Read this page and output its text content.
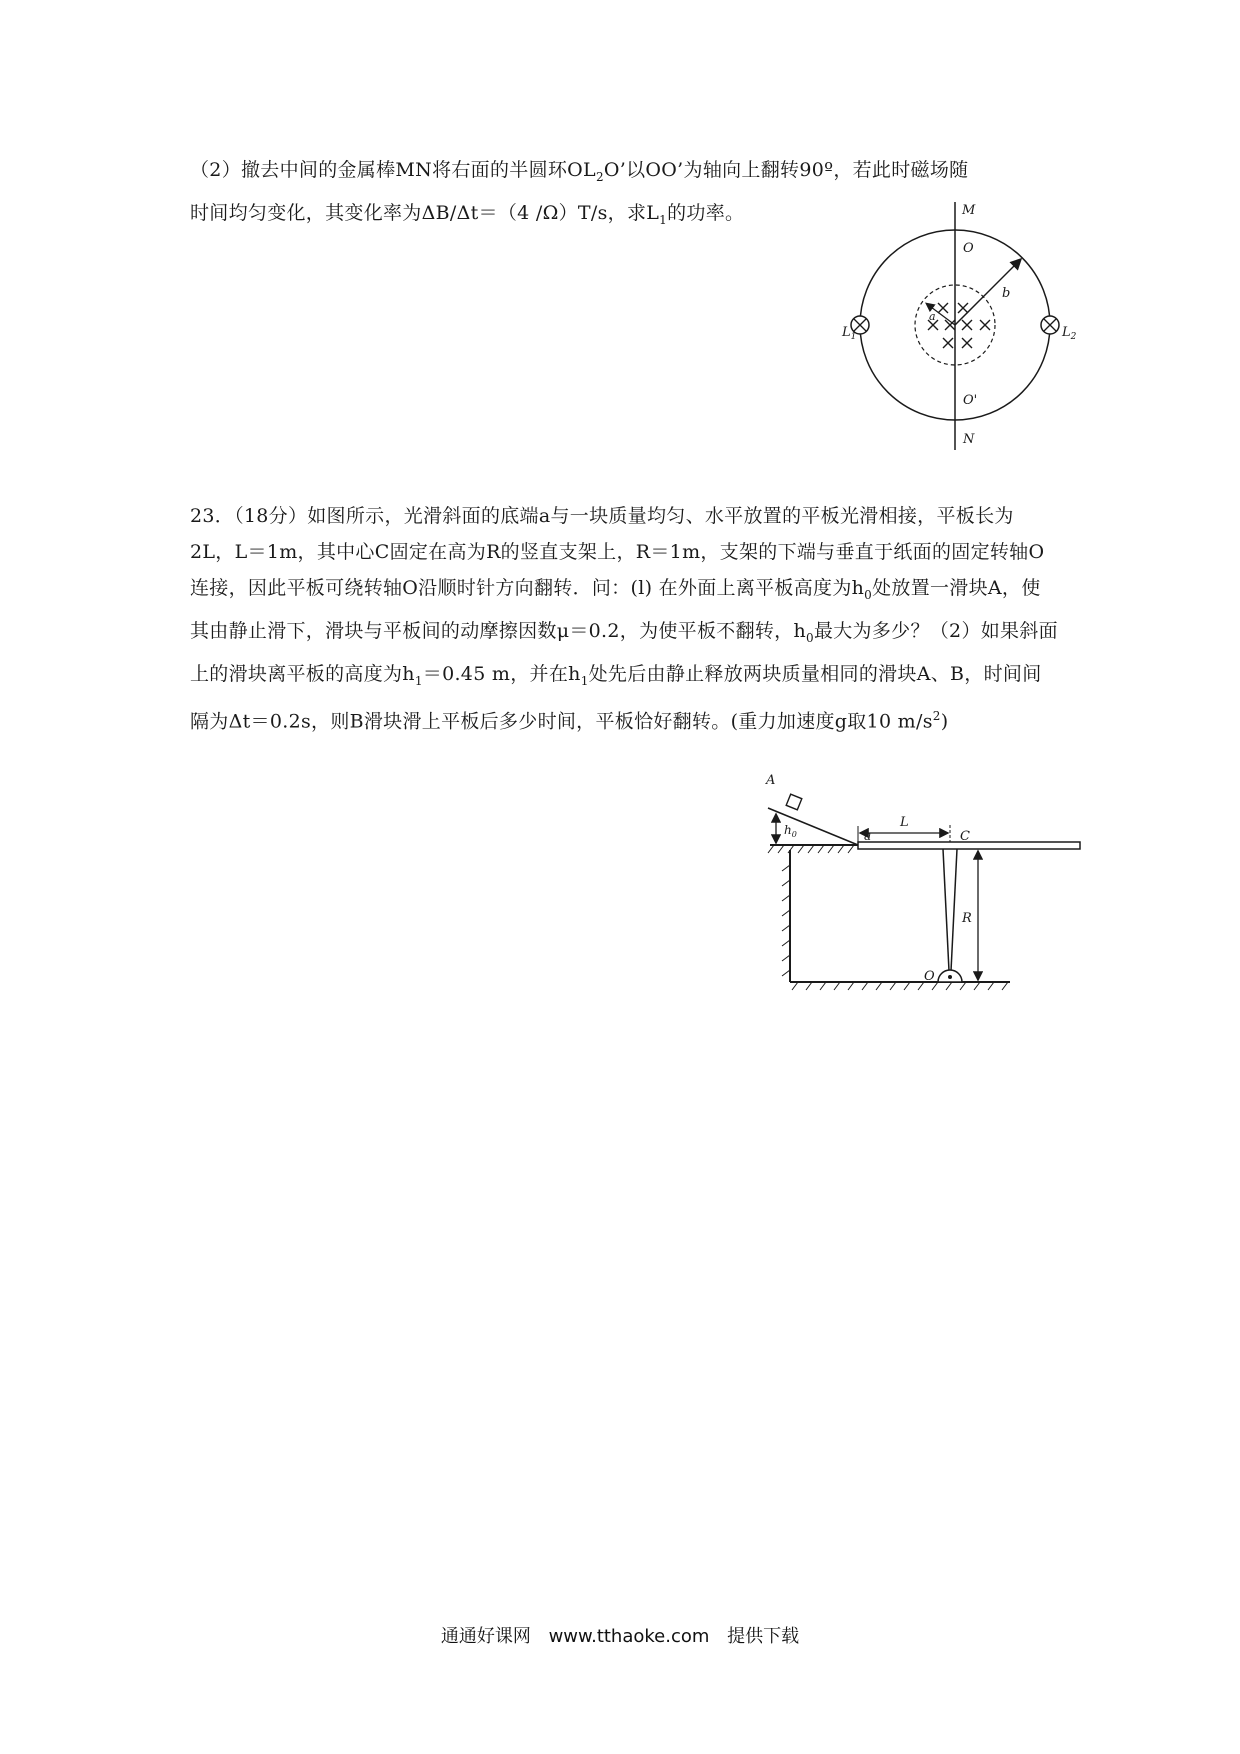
（2）撤去中间的金属棒MN将右面的半圆环$OL_2O$’以OO’为轴向上翻转90º，若此时磁场随
时间均匀变化，其变化率为ΔB/Δt＝（4 /Ω）T/s，求$L_1$的功率。	M
O
O'
N
b
a
$L_1$	$L_2$
23．（18分）如图所示，光滑斜面的底端a与一块质量均匀、水平放置的平板光滑相接，平板长为2L，L＝1m，其中心C固定在高为R的竖直支架上，R＝1m，支架的下端与垂直于纸面的固定转轴O连接，因此平板可绕转轴O沿顺时针方向翻转．问：(l) 在外面上离平板高度为$h_0$处放置一滑块A，使其由静止滑下，滑块与平板间的动摩擦因数μ＝0.2，为使平板不翻转，$h_0$最大为多少？（2）如果斜面上的滑块离平板的高度为$h_1=0.45$ m，并在$h_1$处先后由静止释放两块质量相同的滑块A、B，时间间隔为Δt＝0.2s，则B滑块滑上平板后多少时间，平板恰好翻转。(重力加速度g取10 $m/s^2$)
A
$h_0$	a
L
C
R
O
通通好课网 www.tthaoke.com 提供下载
